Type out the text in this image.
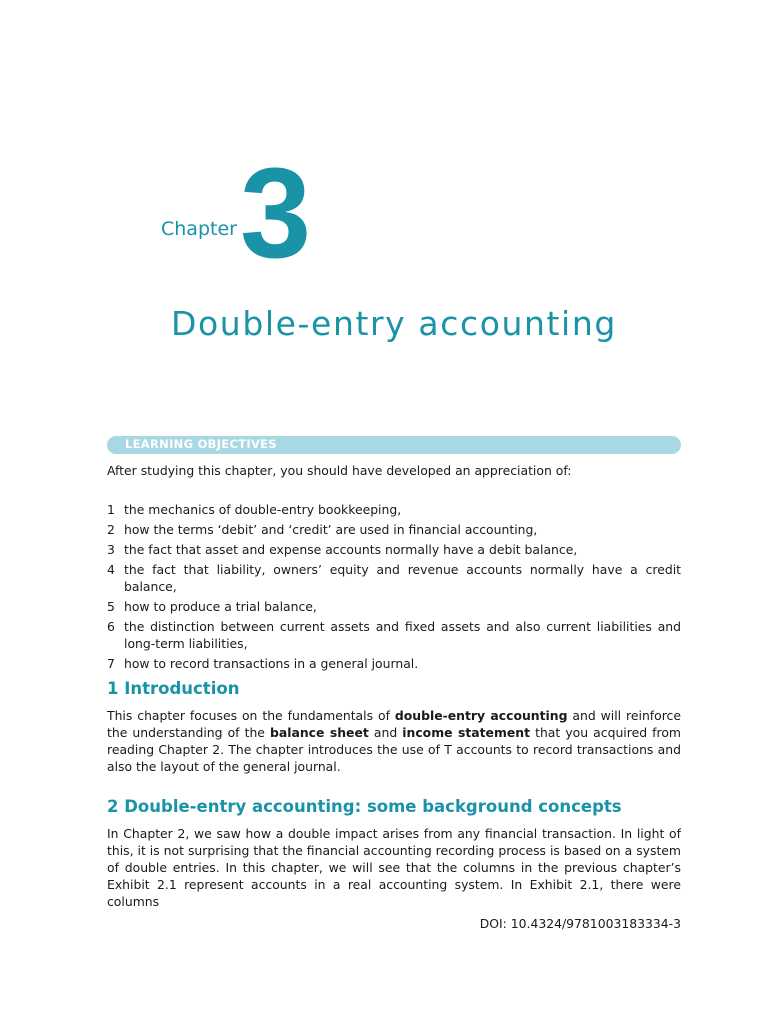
Chapter 3
Double-entry accounting
LEARNING OBJECTIVES
After studying this chapter, you should have developed an appreciation of:
1 the mechanics of double-entry bookkeeping,
2 how the terms ‘debit’ and ‘credit’ are used in financial accounting,
3 the fact that asset and expense accounts normally have a debit balance,
4 the fact that liability, owners’ equity and revenue accounts normally have a credit balance,
5 how to produce a trial balance,
6 the distinction between current assets and fixed assets and also current liabilities and long-term liabilities,
7 how to record transactions in a general journal.
1 Introduction
This chapter focuses on the fundamentals of double-entry accounting and will reinforce the understanding of the balance sheet and income statement that you acquired from reading Chapter 2. The chapter introduces the use of T accounts to record transactions and also the layout of the general journal.
2 Double-entry accounting: some background concepts
In Chapter 2, we saw how a double impact arises from any financial transaction. In light of this, it is not surprising that the financial accounting recording process is based on a system of double entries. In this chapter, we will see that the columns in the previous chapter’s Exhibit 2.1 represent accounts in a real accounting system. In Exhibit 2.1, there were columns
DOI: 10.4324/9781003183334-3
